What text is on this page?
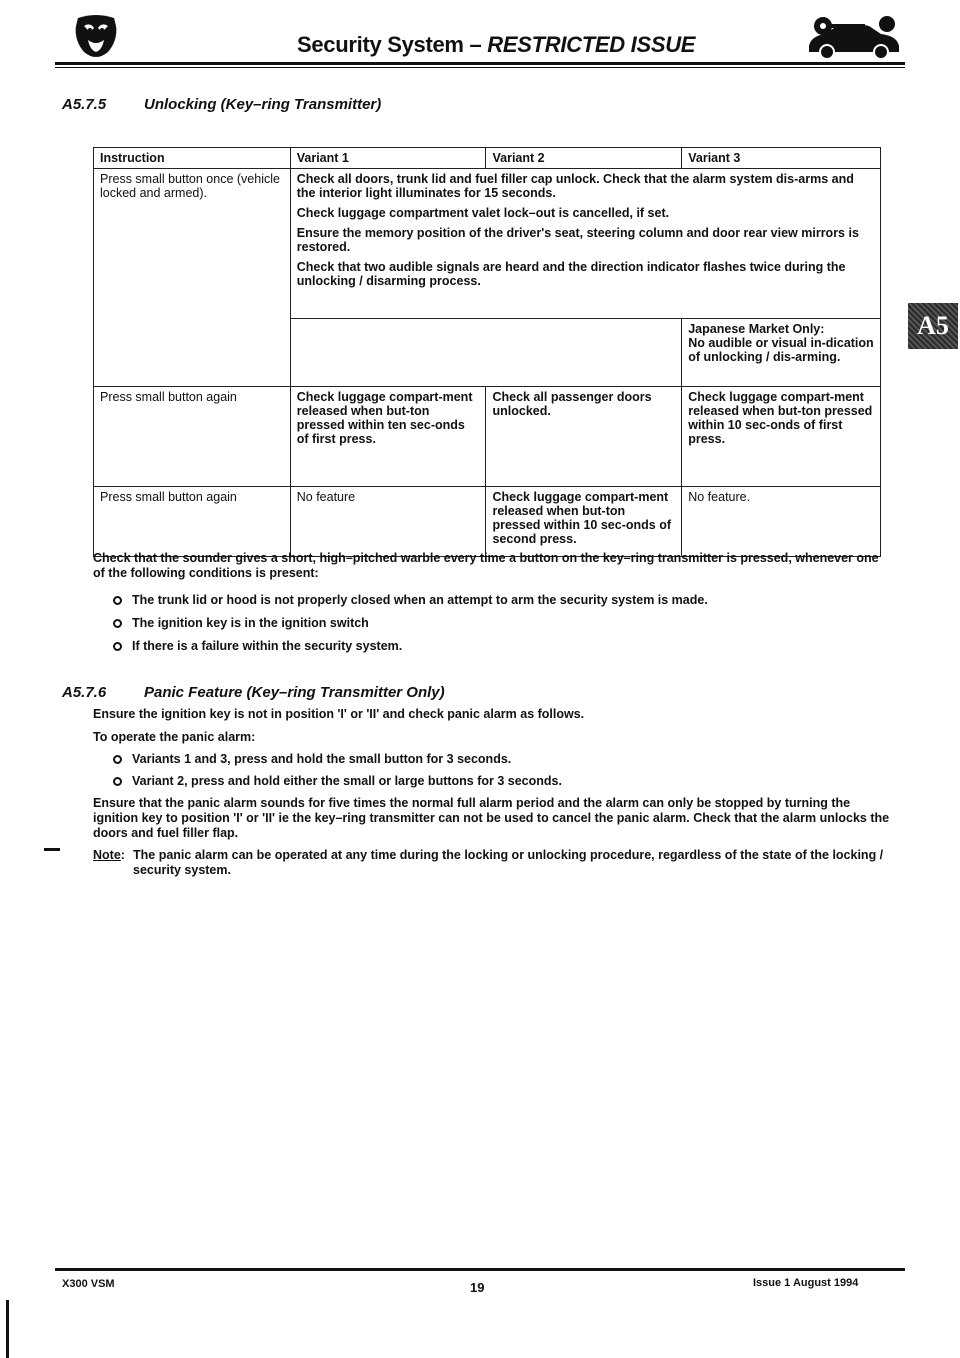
Security System – RESTRICTED ISSUE
A5
A5.7.5	Unlocking (Key–ring Transmitter)
Instruction	Variant 1	Variant 2	Variant 3
Press small button once (vehicle locked and armed).	Check all doors, trunk lid and fuel filler cap unlock. Check that the alarm system dis-arms and the interior light illuminates for 15 seconds.

Check luggage compartment valet lock–out is cancelled, if set.

Ensure the memory position of the driver's seat, steering column and door rear view mirrors is restored.

Check that two audible signals are heard and the direction indicator flashes twice during the unlocking / disarming process.		

			Japanese Market Only:
No audible or visual in-dication of unlocking / dis-arming.

Press small button again	Check luggage compart-ment released when but-ton pressed within ten sec-onds of first press.	Check all passenger doors unlocked.	Check luggage compart-ment released when but-ton pressed within 10 sec-onds of first press.
Press small button again	No feature	Check luggage compart-ment released when but-ton pressed within 10 sec-onds of second press.	No feature.
Check that the sounder gives a short, high–pitched warble every time a button on the key–ring transmitter is pressed, whenever one of the following conditions is present:
The trunk lid or hood is not properly closed when an attempt to arm the security system is made.
The ignition key is in the ignition switch
If there is a failure within the security system.
A5.7.6	Panic Feature (Key–ring Transmitter Only)
Ensure the ignition key is not in position 'I' or 'II' and check panic alarm as follows.
To operate the panic alarm:
Variants 1 and 3, press and hold the small button for 3 seconds.
Variant 2, press and hold either the small or large buttons for 3 seconds.
Ensure that the panic alarm sounds for five times the normal full alarm period and the alarm can only be stopped by turning the ignition key to position 'I' or 'II' ie the key–ring transmitter can not be used to cancel the panic alarm. Check that the alarm unlocks the doors and fuel filler flap.
Note: The panic alarm can be operated at any time during the locking or unlocking procedure, regardless of the state of the locking / security system.
X300 VSM	19	Issue 1 August 1994
